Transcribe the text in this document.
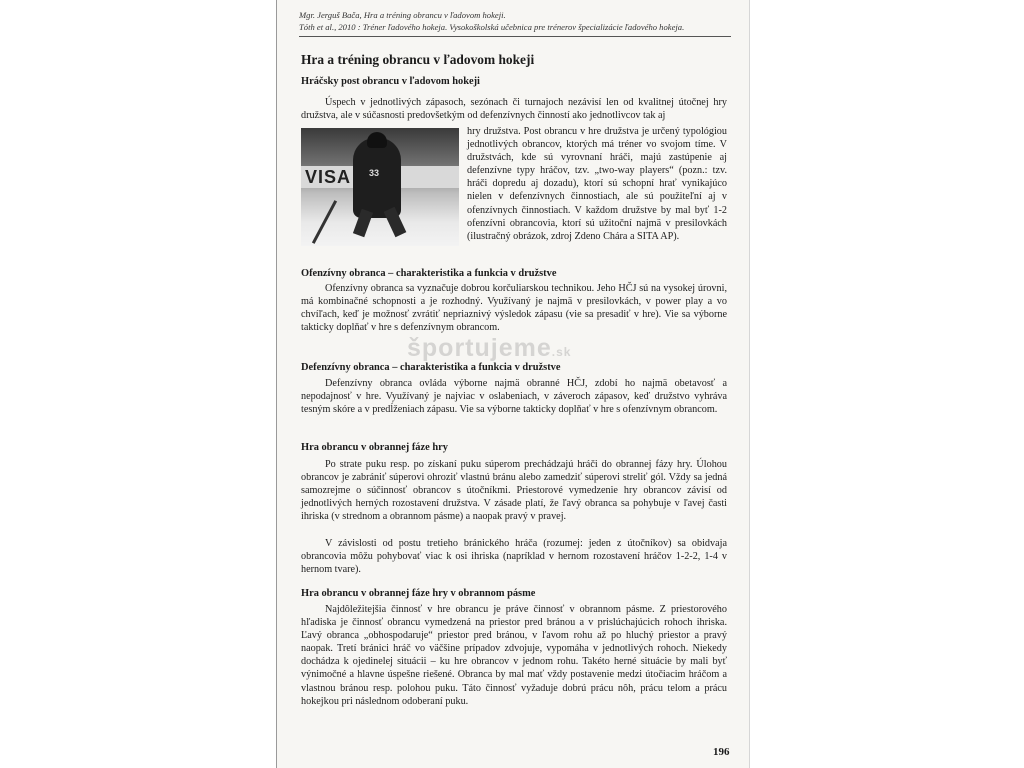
Mgr. Jerguš Bača, Hra a tréning obrancu v ľadovom hokeji.
Tóth et al., 2010 : Tréner ľadového hokeja. Vysokoškolská učebnica pre trénerov špecializácie ľadového hokeja.
Hra a tréning obrancu v ľadovom hokeji
Hráčsky post obrancu v ľadovom hokeji

Úspech v jednotlivých zápasoch, sezónach či turnajoch nezávisí len od kvalitnej útočnej hry družstva, ale v súčasnosti predovšetkým od defenzívnych činností ako jednotlivcov tak aj

VISA 33

hry družstva. Post obrancu v hre družstva je určený typológiou jednotlivých obrancov, ktorých má tréner vo svojom tíme. V družstvách, kde sú vyrovnaní hráči, majú zastúpenie aj defenzívne typy hráčov, tzv. „two-way players“ (pozn.: tzv. hráči dopredu aj dozadu), ktorí sú schopní hrať vynikajúco nielen v defenzívnych činnostiach, ale sú použiteľní aj v ofenzívnych činnostiach. V každom družstve by mal byť 1-2 ofenzívni obrancovia, ktorí sú užitoční najmä v presilovkách (ilustračný obrázok, zdroj Zdeno Chára a SITA AP).

Ofenzívny obranca – charakteristika a funkcia v družstve

Ofenzívny obranca sa vyznačuje dobrou korčuliarskou technikou. Jeho HČJ sú na vysokej úrovni, má kombinačné schopnosti a je rozhodný. Využívaný je najmä v presilovkách, v power play a vo chvíľach, keď je možnosť zvrátiť nepriaznivý výsledok zápasu (vie sa presadiť v hre). Vie sa výborne takticky doplňať v hre s defenzívnym obrancom.

športujeme.sk
Defenzívny obranca – charakteristika a funkcia v družstve

Defenzívny obranca ovláda výborne najmä obranné HČJ, zdobí ho najmä obetavosť a nepodajnosť v hre. Využívaný je najviac v oslabeniach, v záveroch zápasov, keď družstvo vyhráva tesným skóre a v predĺženiach zápasu. Vie sa výborne takticky doplňať v hre s ofenzívnym obrancom.

Hra obrancu v obrannej fáze hry

Po strate puku resp. po získaní puku súperom prechádzajú hráči do obrannej fázy hry. Úlohou obrancov je zabrániť súperovi ohroziť vlastnú bránu alebo zamedziť súperovi streliť gól. Vždy sa jedná samozrejme o súčinnosť obrancov s útočníkmi. Priestorové vymedzenie hry obrancov závisí od jednotlivých herných rozostavení družstva. V zásade platí, že ľavý obranca sa pohybuje v ľavej časti ihriska (v strednom a obrannom pásme) a naopak pravý v pravej.

V závislosti od postu tretieho bránického hráča (rozumej: jeden z útočníkov) sa obidvaja obrancovia môžu pohybovať viac k osi ihriska (napríklad v hernom rozostavení hráčov 1-2-2, 1-4 v hernom tvare).

Hra obrancu v obrannej fáze hry v obrannom pásme

Najdôležitejšia činnosť v hre obrancu je práve činnosť v obrannom pásme. Z priestorového hľadiska je činnosť obrancu vymedzená na priestor pred bránou a v prislúchajúcich rohoch ihriska. Ľavý obranca „obhospodaruje“ priestor pred bránou, v ľavom rohu až po hluchý priestor a pravý naopak. Tretí bránici hráč vo väčšine prípadov zdvojuje, vypomáha v jednotlivých rohoch. Niekedy dochádza k ojedinelej situácii – ku hre obrancov v jednom rohu. Takéto herné situácie by mali byť výnimočné a hlavne úspešne riešené. Obranca by mal mať vždy postavenie medzi útočiacim hráčom a vlastnou bránou resp. polohou puku. Táto činnosť vyžaduje dobrú prácu nôh, prácu telom a prácu hokejkou pri následnom odoberaní puku.

196
